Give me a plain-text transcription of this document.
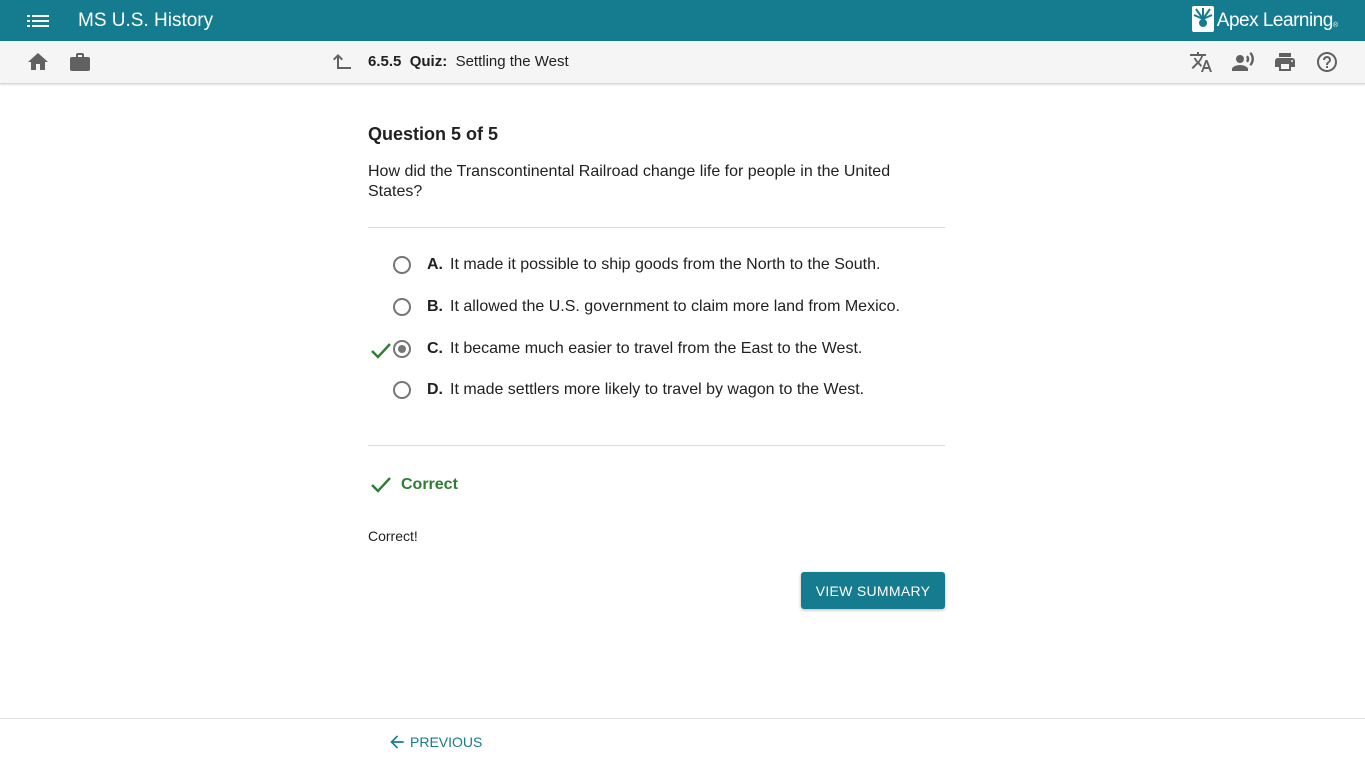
MS U.S. History	Apex Learning ®
6.5.5 Quiz: Settling the West
Question 5 of 5
How did the Transcontinental Railroad change life for people in the United States?
A. It made it possible to ship goods from the North to the South.
B. It allowed the U.S. government to claim more land from Mexico.
C. It became much easier to travel from the East to the West.
D. It made settlers more likely to travel by wagon to the West.
Correct
Correct!
VIEW SUMMARY
PREVIOUS
